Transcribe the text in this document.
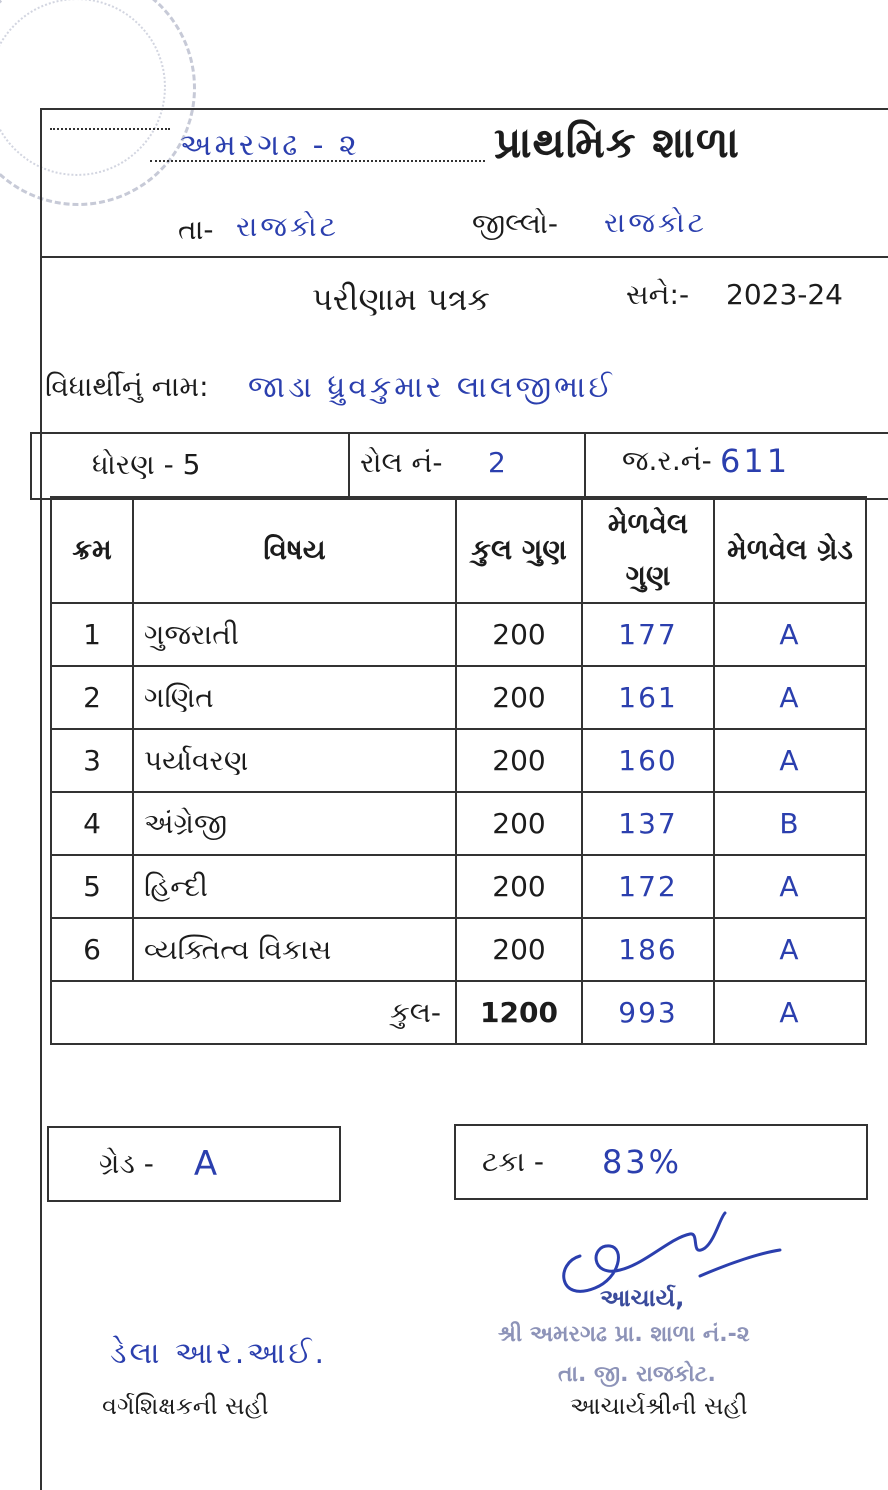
અમરગઢ - ૨	પ્રાથમિક શાળા
તા- રાજકોટ	જીલ્લો- રાજકોટ
પરીણામ પત્રક	સને:- 2023-24
વિધાર્થીનું નામ: જાડા ધ્રુવકુમાર લાલજીભાઈ
ધોરણ - 5	રોલ નં- 2	જ.ર.નં- 611
ક્રમ	વિષય	કુલ ગુણ	મેળવેલ ગુણ	મેળવેલ ગ્રેડ
1	ગુજરાતી	200	177	A
2	ગણિત	200	161	A
3	પર્યાવરણ	200	160	A
4	અંગ્રેજી	200	137	B
5	હિન્દી	200	172	A
6	વ્યક્તિત્વ વિકાસ	200	186	A
કુલ-		1200	993	A
ગ્રેડ - A	ટકા - 83%
આચાર્ય,
શ્રી અમરગઢ પ્રા. શાળા નં.-૨
તા. જી. રાજકોટ.
ડેલા આર.આઈ.
વર્ગશિક્ષકની સહી	આચાર્યશ્રીની સહી
